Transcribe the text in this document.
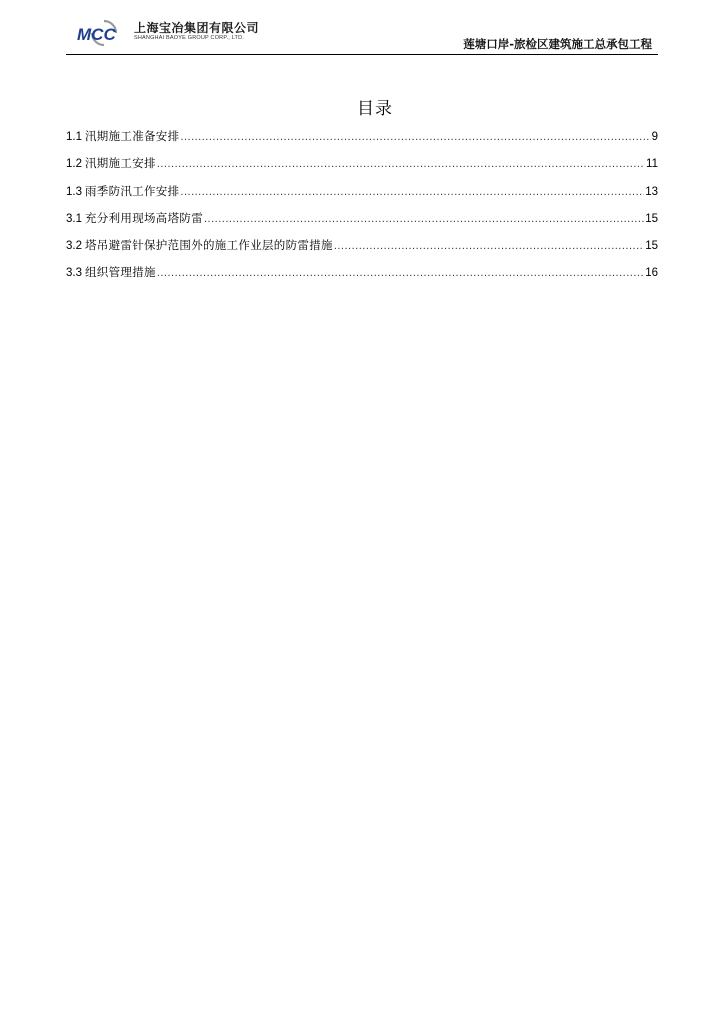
MCC 上海宝冶集团有限公司
SHANGHAI BAOYE GROUP CORP., LTD.	莲塘口岸-旅检区建筑施工总承包工程
目录
1.1 汛期施工准备安排 .....	9
1.2 汛期施工安排 .....	11
1.3 雨季防汛工作安排 .....	13
3.1 充分利用现场高塔防雷 .....	15
3.2 塔吊避雷针保护范围外的施工作业层的防雷措施 .....	15
3.3 组织管理措施 .....	16
